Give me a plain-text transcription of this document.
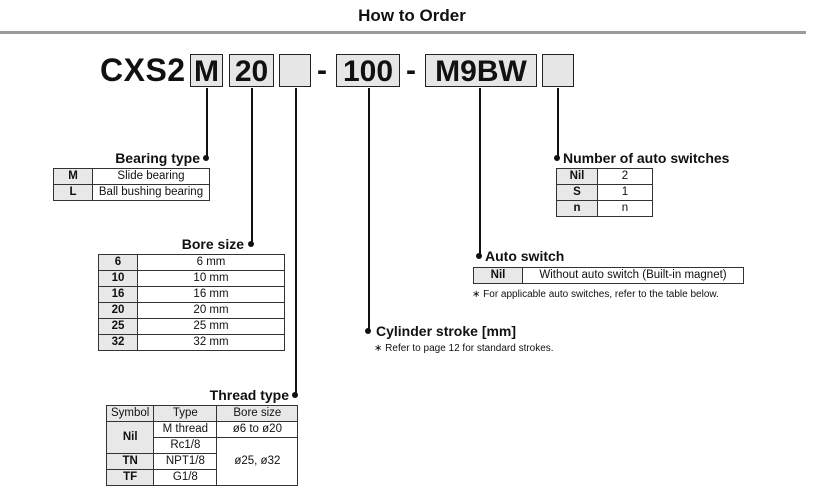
How to Order
CXS2 M 20 - 100 - M9BW
Bearing type
M	Slide bearing
L	Ball bushing bearing
Bore size
6	6 mm
10	10 mm
16	16 mm
20	20 mm
25	25 mm
32	32 mm
Thread type
Symbol	Type	Bore size
Nil	M thread	ø6 to ø20
	Rc1/8	ø25, ø32
TN	NPT1/8	
TF	G1/8	
Cylinder stroke [mm]
∗ Refer to page 12 for standard strokes.
Auto switch
Nil	Without auto switch (Built-in magnet)
∗ For applicable auto switches, refer to the table below.
Number of auto switches
Nil	2
S	1
n	n
